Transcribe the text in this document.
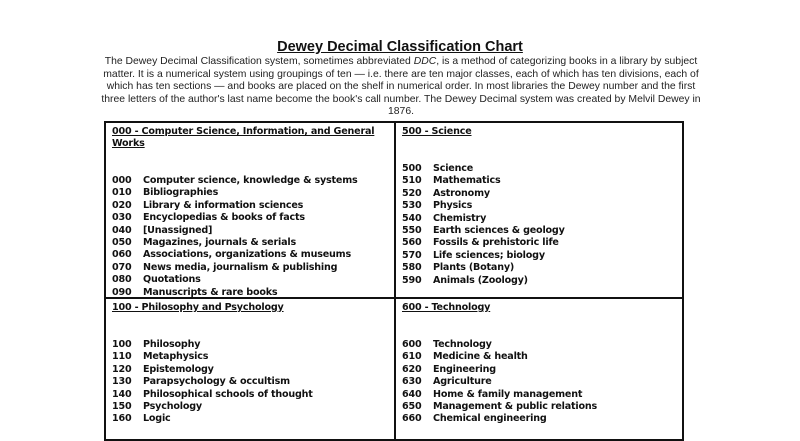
Dewey Decimal Classification Chart
The Dewey Decimal Classification system, sometimes abbreviated DDC, is a method of categorizing books in a library by subject matter. It is a numerical system using groupings of ten — i.e. there are ten major classes, each of which has ten divisions, each of which has ten sections — and books are placed on the shelf in numerical order. In most libraries the Dewey number and the first three letters of the author's last name become the book's call number. The Dewey Decimal system was created by Melvil Dewey in 1876.
000 - Computer Science, Information, and General Works
000	Computer science, knowledge & systems
010	Bibliographies
020	Library & information sciences
030	Encyclopedias & books of facts
040	[Unassigned]
050	Magazines, journals & serials
060	Associations, organizations & museums
070	News media, journalism & publishing
080	Quotations
090	Manuscripts & rare books
500 - Science
500	Science
510	Mathematics
520	Astronomy
530	Physics
540	Chemistry
550	Earth sciences & geology
560	Fossils & prehistoric life
570	Life sciences; biology
580	Plants (Botany)
590	Animals (Zoology)
100 - Philosophy and Psychology
100	Philosophy
110	Metaphysics
120	Epistemology
130	Parapsychology & occultism
140	Philosophical schools of thought
150	Psychology
160	Logic
600 - Technology
600	Technology
610	Medicine & health
620	Engineering
630	Agriculture
640	Home & family management
650	Management & public relations
660	Chemical engineering
